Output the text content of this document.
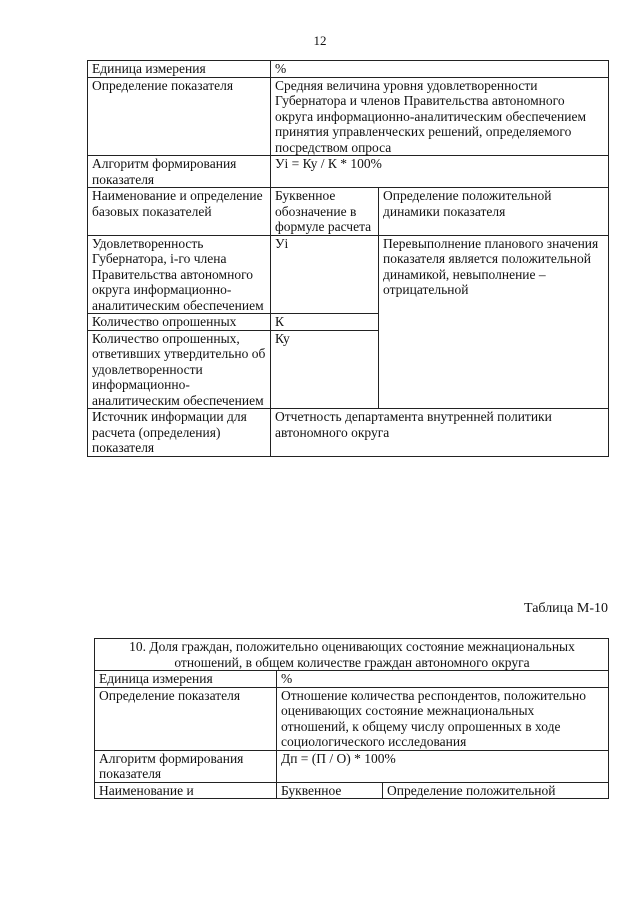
12
Единица измерения	%	
Определение показателя	Средняя величина уровня удовлетворенности Губернатора и членов Правительства автономного округа информационно-аналитическим обеспечением принятия управленческих решений, определяемого посредством опроса	
Алгоритм формирования показателя	Уi = Ку / К * 100%	
Наименование и определение базовых показателей	Буквенное обозначение в формуле расчета	Определение положительной динамики показателя
Удовлетворенность Губернатора, i-го члена Правительства автономного округа информационно-аналитическим обеспечением	Уi	Перевыполнение планового значения показателя является положительной динамикой, невыполнение – отрицательной
Количество опрошенных	К	
Количество опрошенных, ответивших утвердительно об удовлетворенности информационно-аналитическим обеспечением	Ку	
Источник информации для расчета (определения) показателя	Отчетность департамента внутренней политики автономного округа	
Таблица М-10
10. Доля граждан, положительно оценивающих состояние межнациональных отношений, в общем количестве граждан автономного округа		
Единица измерения	%	
Определение показателя	Отношение количества респондентов, положительно оценивающих состояние межнациональных отношений, к общему числу опрошенных в ходе социологического исследования	
Алгоритм формирования показателя	Дп = (П / О) * 100%	
Наименование и	Буквенное	Определение положительной
